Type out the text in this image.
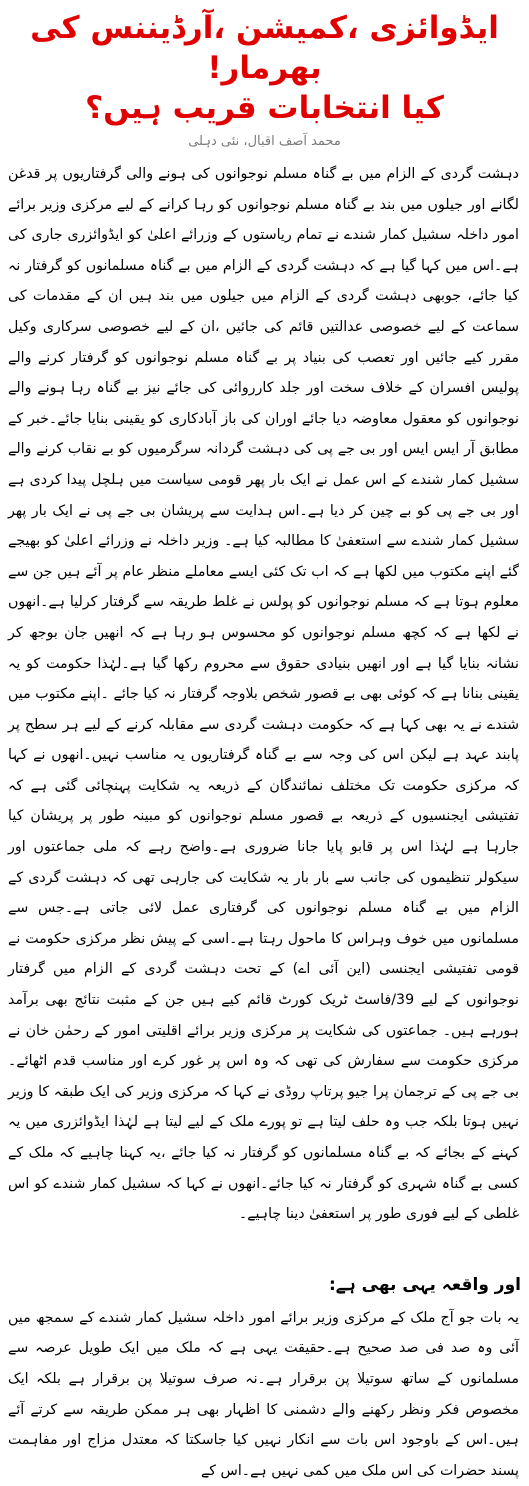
ایڈوائزی ،کمیشن ،آرڈیننس کی بھرمار!
کیا انتخابات قریب ہیں؟
محمد آصف اقبال، نئی دہلی

دہشت گردی کے الزام میں بے گناہ مسلم نوجوانوں کی ہونے والی گرفتاریوں پر قدغن لگانے اور جیلوں میں بند بے گناہ مسلم نوجوانوں کو رہا کرانے کے لیے مرکزی وزیر برائے امور داخلہ سشیل کمار شندے نے تمام ریاستوں کے وزرائے اعلیٰ کو ایڈوائزری جاری کی ہے۔اس میں کہا گیا ہے کہ دہشت گردی کے الزام میں بے گناہ مسلمانوں کو گرفتار نہ کیا جائے، جوبھی دہشت گردی کے الزام میں جیلوں میں بند ہیں ان کے مقدمات کی سماعت کے لیے خصوصی عدالتیں قائم کی جائیں ،ان کے لیے خصوصی سرکاری وکیل مقرر کیے جائیں اور تعصب کی بنیاد پر بے گناہ مسلم نوجوانوں کو گرفتار کرنے والے پولیس افسران کے خلاف سخت اور جلد کارروائی کی جائے نیز بے گناہ رہا ہونے والے نوجوانوں کو معقول معاوضہ دیا جائے اوران کی باز آبادکاری کو یقینی بنایا جائے۔خبر کے مطابق آر ایس ایس اور بی جے پی کی دہشت گردانہ سرگرمیوں کو بے نقاب کرنے والے سشیل کمار شندے کے اس عمل نے ایک بار پھر قومی سیاست میں ہلچل پیدا کردی ہے اور بی جے پی کو بے چین کر دیا ہے۔اس ہدایت سے پریشان بی جے پی نے ایک بار پھر سشیل کمار شندے سے استعفیٰ کا مطالبہ کیا ہے۔ وزیر داخلہ نے وزرائے اعلیٰ کو بھیجے گئے اپنے مکتوب میں لکھا ہے کہ اب تک کئی ایسے معاملے منظر عام پر آئے ہیں جن سے معلوم ہوتا ہے کہ مسلم نوجوانوں کو پولس نے غلط طریقہ سے گرفتار کرلیا ہے۔انھوں نے لکھا ہے کہ کچھ مسلم نوجوانوں کو محسوس ہو رہا ہے کہ انھیں جان بوجھ کر نشانہ بنایا گیا ہے اور انھیں بنیادی حقوق سے محروم رکھا گیا ہے۔لہٰذا حکومت کو یہ یقینی بنانا ہے کہ کوئی بھی بے قصور شخص بلاوجہ گرفتار نہ کیا جائے ۔اپنے مکتوب میں شندے نے یہ بھی کہا ہے کہ حکومت دہشت گردی سے مقابلہ کرنے کے لیے ہر سطح پر پابند عہد ہے لیکن اس کی وجہ سے بے گناہ گرفتاریوں یہ مناسب نہیں۔انھوں نے کہا کہ مرکزی حکومت تک مختلف نمائندگان کے ذریعہ یہ شکایت پہنچائی گئی ہے کہ تفتیشی ایجنسیوں کے ذریعہ بے قصور مسلم نوجوانوں کو مبینہ طور پر پریشان کیا جارہا ہے لہٰذا اس پر قابو پایا جانا ضروری ہے۔واضح رہے کہ ملی جماعتوں اور سیکولر تنظیموں کی جانب سے بار بار یہ شکایت کی جارہی تھی کہ دہشت گردی کے الزام میں بے گناہ مسلم نوجوانوں کی گرفتاری عمل لائی جاتی ہے۔جس سے مسلمانوں میں خوف وہراس کا ماحول رہتا ہے۔اسی کے پیش نظر مرکزی حکومت نے قومی تفتیشی ایجنسی (این آئی اے) کے تحت دہشت گردی کے الزام میں گرفتار نوجوانوں کے لیے 39/فاسٹ ٹریک کورٹ قائم کیے ہیں جن کے مثبت نتائج بھی برآمد ہورہے ہیں۔ جماعتوں کی شکایت پر مرکزی وزیر برائے اقلیتی امور کے رحمٰن خان نے مرکزی حکومت سے سفارش کی تھی کہ وہ اس پر غور کرے اور مناسب قدم اٹھائے۔ بی جے پی کے ترجمان پرا جیو پرتاپ روڈی نے کہا کہ مرکزی وزیر کی ایک طبقہ کا وزیر نہیں ہوتا بلکہ جب وہ حلف لیتا ہے تو پورے ملک کے لیے لیتا ہے لہٰذا ایڈوائزری میں یہ کہنے کے بجائے کہ بے گناہ مسلمانوں کو گرفتار نہ کیا جائے ،یہ کہنا چاہیے کہ ملک کے کسی بے گناہ شہری کو گرفتار نہ کیا جائے۔انھوں نے کہا کہ سشیل کمار شندے کو اس غلطی کے لیے فوری طور پر استعفیٰ دینا چاہیے۔

اور واقعہ یہی بھی ہے:

یہ بات جو آج ملک کے مرکزی وزیر برائے امور داخلہ سشیل کمار شندے کے سمجھ میں آئی وہ صد فی صد صحیح ہے۔حقیقت یہی ہے کہ ملک میں ایک طویل عرصہ سے مسلمانوں کے ساتھ سوتیلا پن برقرار ہے۔نہ صرف سوتیلا پن برقرار ہے بلکہ ایک مخصوص فکر ونظر رکھنے والے دشمنی کا اظہار بھی ہر ممکن طریقہ سے کرتے آئے ہیں۔اس کے باوجود اس بات سے انکار نہیں کیا جاسکتا کہ معتدل مزاج اور مفاہمت پسند حضرات کی اس ملک میں کمی نہیں ہے۔اس کے
